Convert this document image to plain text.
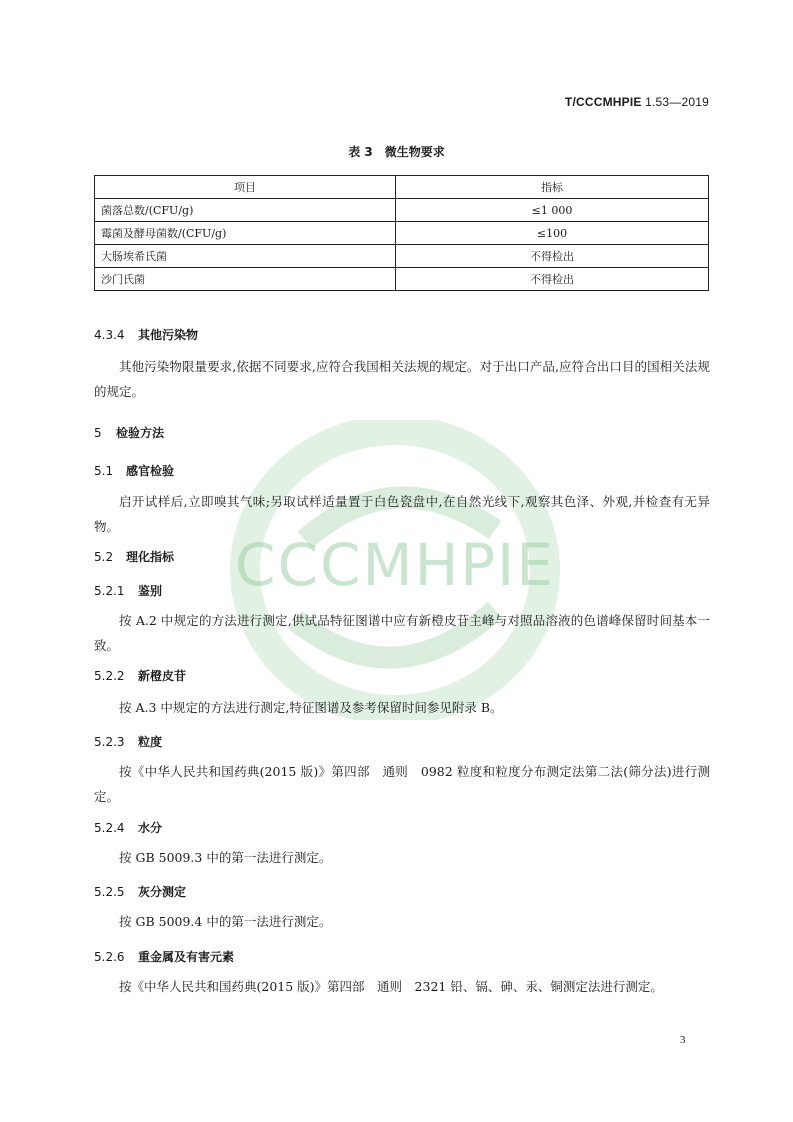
CCCMHPIE
T/CCCMHPIE 1.53—2019
表 3　微生物要求
项目	指标
菌落总数/(CFU/g)	≤1 000
霉菌及酵母菌数/(CFU/g)	≤100
大肠埃希氏菌	不得检出
沙门氏菌	不得检出
4.3.4 其他污染物
其他污染物限量要求,依据不同要求,应符合我国相关法规的规定。对于出口产品,应符合出口目的国相关法规的规定。
5 检验方法
5.1 感官检验
启开试样后,立即嗅其气味;另取试样适量置于白色瓷盘中,在自然光线下,观察其色泽、外观,并检查有无异物。
5.2 理化指标
5.2.1 鉴别
按 A.2 中规定的方法进行测定,供试品特征图谱中应有新橙皮苷主峰与对照品溶液的色谱峰保留时间基本一致。
5.2.2 新橙皮苷
按 A.3 中规定的方法进行测定,特征图谱及参考保留时间参见附录 B。
5.2.3 粒度
按《中华人民共和国药典(2015 版)》第四部　通则　0982 粒度和粒度分布测定法第二法(筛分法)进行测定。
5.2.4 水分
按 GB 5009.3 中的第一法进行测定。
5.2.5 灰分测定
按 GB 5009.4 中的第一法进行测定。
5.2.6 重金属及有害元素
按《中华人民共和国药典(2015 版)》第四部　通则　2321 铅、镉、砷、汞、铜测定法进行测定。
3
